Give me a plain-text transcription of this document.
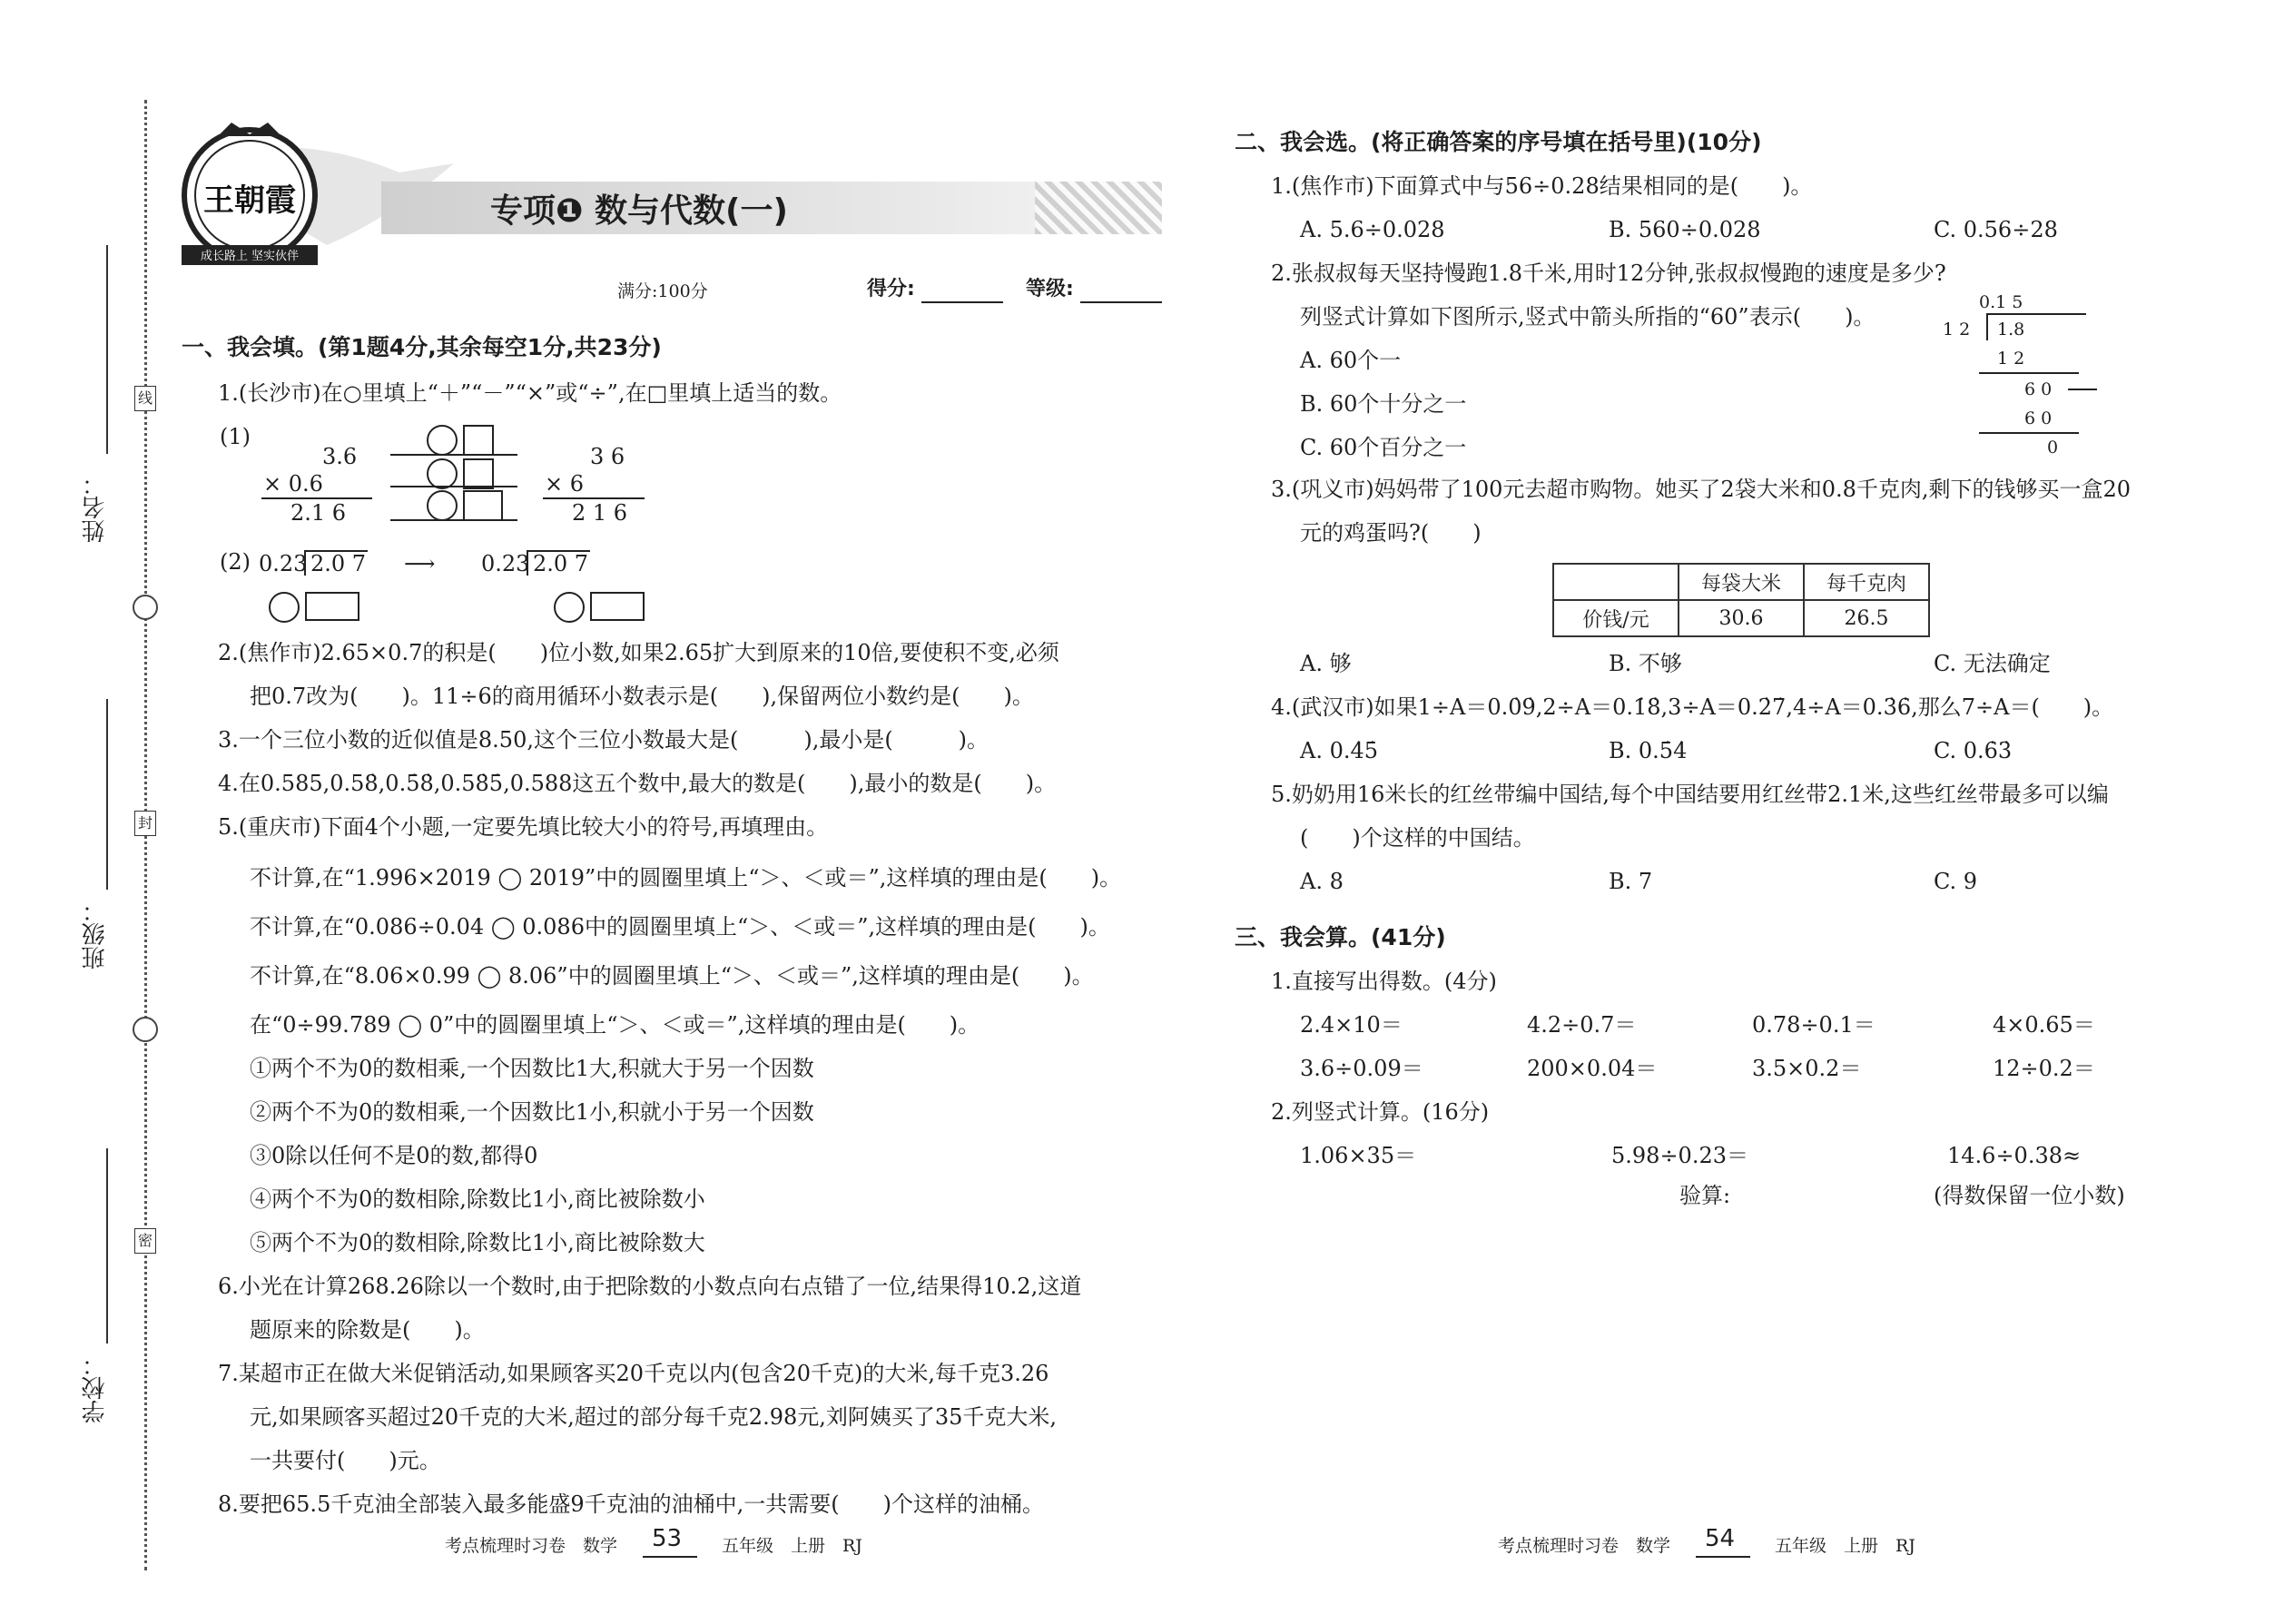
姓名：
班级：
学校：
线
封
密
王朝霞
成长路上 坚实伙伴
专项❶ 数与代数(一)
满分:100分	得分:	等级:
一、我会填。(第1题4分,其余每空1分,共23分)
1.(长沙市)在○里填上“＋”“－”“×”或“÷”,在□里填上适当的数。
(1)
3.6
× 0.6
2.1 6
3 6
× 6
2 1 6
(2) 0.23 2.0 7 ⟶ 0.23 2.0 7
2.(焦作市)2.65×0.7的积是(　　)位小数,如果2.65扩大到原来的10倍,要使积不变,必须
把0.7改为(　　)。11÷6的商用循环小数表示是(　　),保留两位小数约是(　　)。
3.一个三位小数的近似值是8.50,这个三位小数最大是(　　　),最小是(　　　)。
4.在0.585,0.58̇,0.5̇8̇,0.58̇5̇,0.588这五个数中,最大的数是(　　),最小的数是(　　)。
5.(重庆市)下面4个小题,一定要先填比较大小的符号,再填理由。
不计算,在“1.996×2019 ◯ 2019”中的圆圈里填上“＞、＜或＝”,这样填的理由是(　　)。
不计算,在“0.086÷0.04 ◯ 0.086中的圆圈里填上“＞、＜或＝”,这样填的理由是(　　)。
不计算,在“8.06×0.99 ◯ 8.06”中的圆圈里填上“＞、＜或＝”,这样填的理由是(　　)。
在“0÷99.789 ◯ 0”中的圆圈里填上“＞、＜或＝”,这样填的理由是(　　)。
①两个不为0的数相乘,一个因数比1大,积就大于另一个因数
②两个不为0的数相乘,一个因数比1小,积就小于另一个因数
③0除以任何不是0的数,都得0
④两个不为0的数相除,除数比1小,商比被除数小
⑤两个不为0的数相除,除数比1小,商比被除数大
6.小光在计算268.26除以一个数时,由于把除数的小数点向右点错了一位,结果得10.2,这道
题原来的除数是(　　)。
7.某超市正在做大米促销活动,如果顾客买20千克以内(包含20千克)的大米,每千克3.26
元,如果顾客买超过20千克的大米,超过的部分每千克2.98元,刘阿姨买了35千克大米,
一共要付(　　)元。
8.要把65.5千克油全部装入最多能盛9千克油的油桶中,一共需要(　　)个这样的油桶。
二、我会选。(将正确答案的序号填在括号里)(10分)
1.(焦作市)下面算式中与56÷0.28结果相同的是(　　)。
A. 5.6÷0.028	B. 560÷0.028	C. 0.56÷28
2.张叔叔每天坚持慢跑1.8千米,用时12分钟,张叔叔慢跑的速度是多少?
列竖式计算如下图所示,竖式中箭头所指的“60”表示(　　)。
A. 60个一
B. 60个十分之一
C. 60个百分之一
0.1 5
1 2 1.8
1 2
6 0
6 0
0
3.(巩义市)妈妈带了100元去超市购物。她买了2袋大米和0.8千克肉,剩下的钱够买一盒20
元的鸡蛋吗?(　　)
	每袋大米	每千克肉
价钱/元	30.6	26.5
A. 够	B. 不够	C. 无法确定
4.(武汉市)如果1÷A＝0.0̇9̇,2÷A＝0.1̇8̇,3÷A＝0.2̇7̇,4÷A＝0.3̇6̇,那么7÷A＝(　　)。
A. 0.4̇5̇	B. 0.5̇4̇	C. 0.6̇3̇
5.奶奶用16米长的红丝带编中国结,每个中国结要用红丝带2.1米,这些红丝带最多可以编
(　　)个这样的中国结。
A. 8	B. 7	C. 9
三、我会算。(41分)
1.直接写出得数。(4分)
2.4×10＝	4.2÷0.7＝	0.78÷0.1＝	4×0.65＝
3.6÷0.09＝	200×0.04＝	3.5×0.2＝	12÷0.2＝
2.列竖式计算。(16分)
1.06×35＝	5.98÷0.23＝	14.6÷0.38≈
验算:	(得数保留一位小数)
考点梳理时习卷　数学 53 五年级　上册　RJ	考点梳理时习卷　数学 54 五年级　上册　RJ
